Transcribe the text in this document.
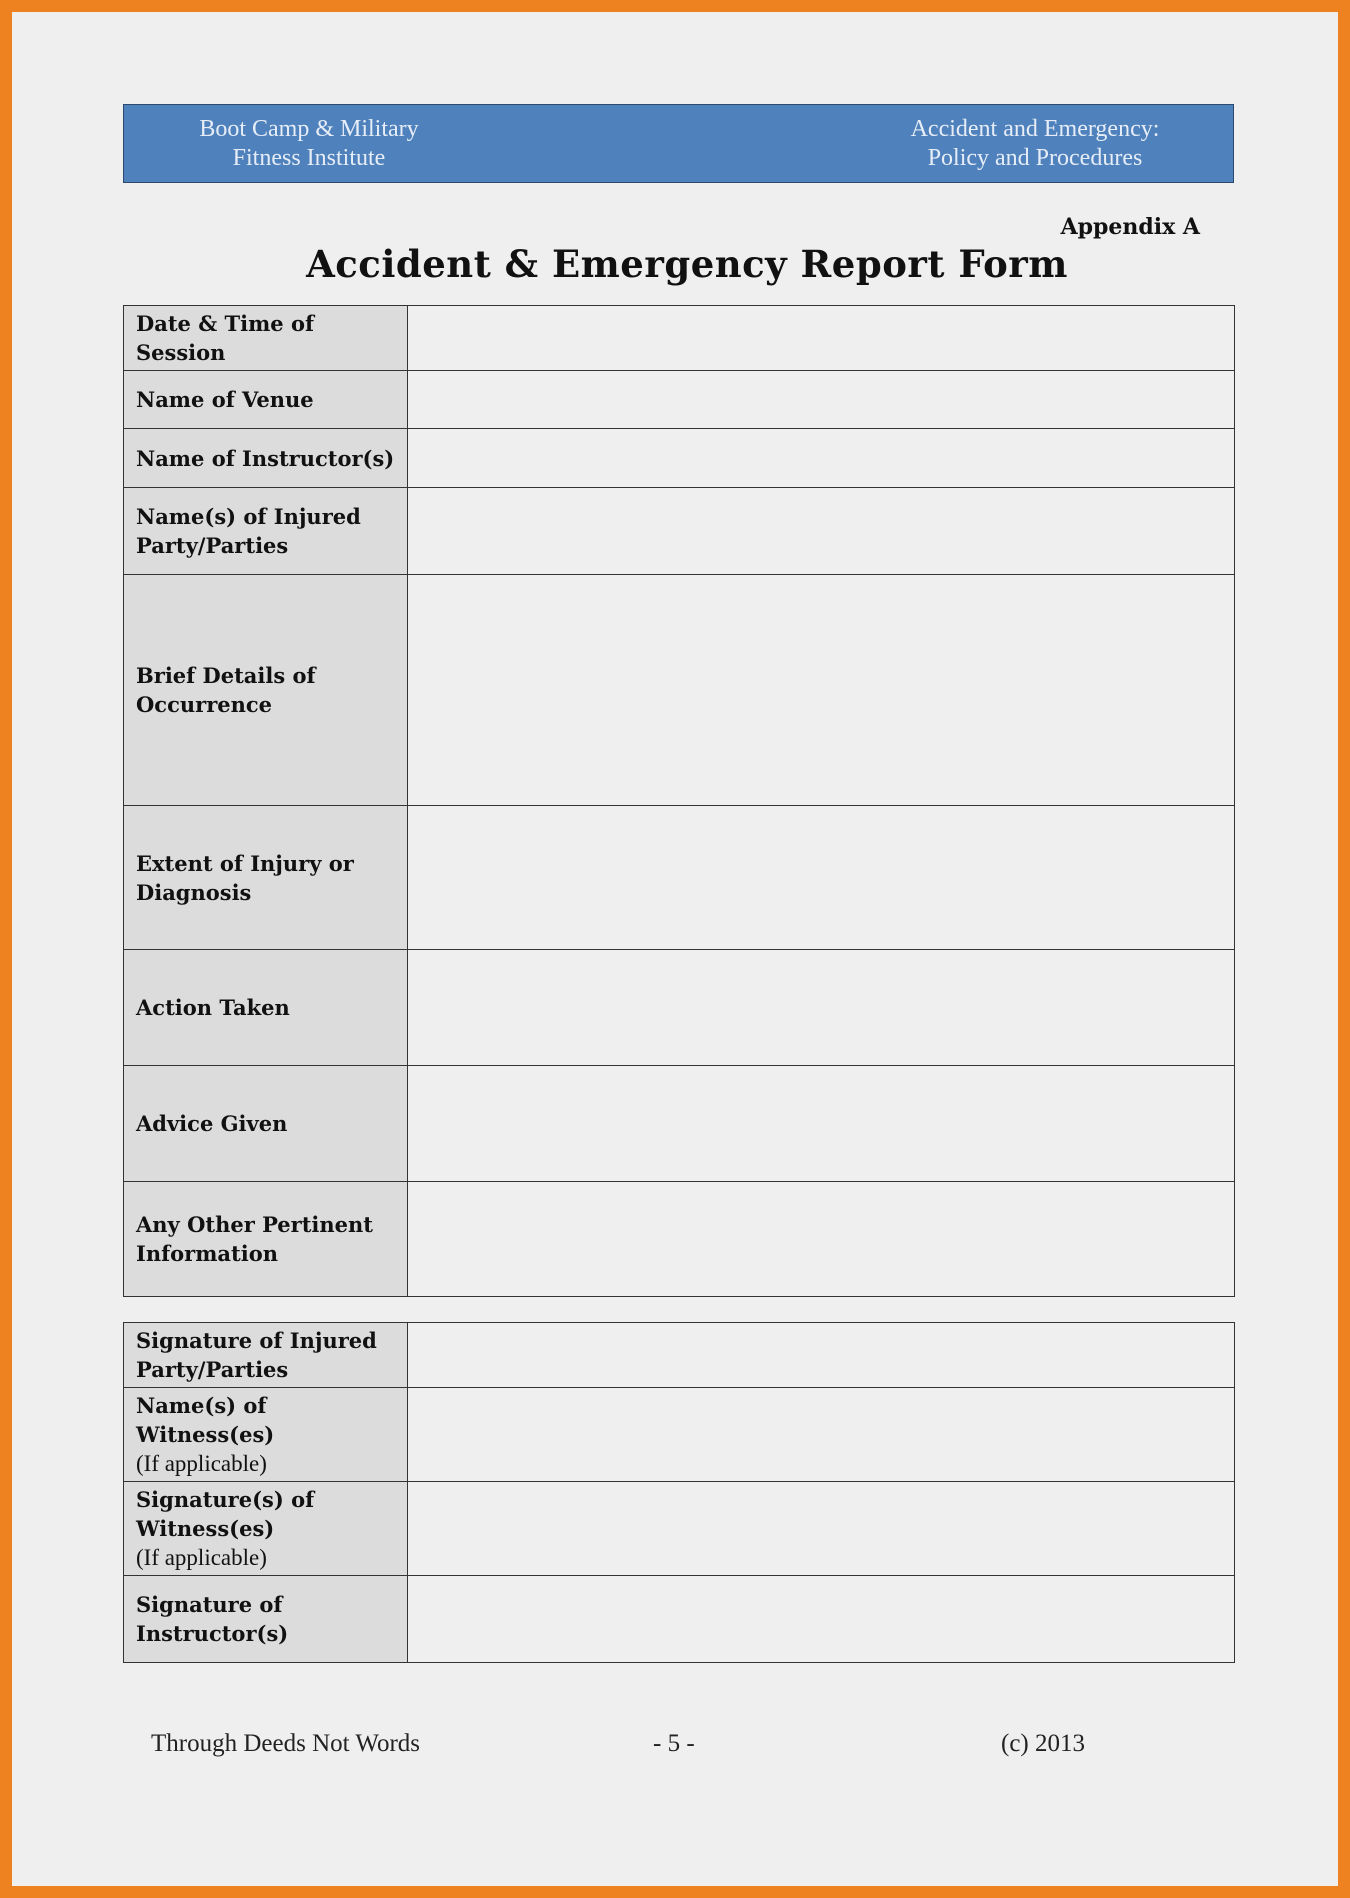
Boot Camp & Military
Fitness Institute
Accident and Emergency:
Policy and Procedures
Appendix A
Accident & Emergency Report Form
Date & Time of Session	
Name of Venue	
Name of Instructor(s)	
Name(s) of Injured Party/Parties	
Brief Details of Occurrence	
Extent of Injury or Diagnosis	
Action Taken	
Advice Given	
Any Other Pertinent Information	
Signature of Injured Party/Parties	
Name(s) of Witness(es)
(If applicable)	
Signature(s) of Witness(es)
(If applicable)	
Signature of Instructor(s)	
Through Deeds Not Words	- 5 -	(c) 2013
